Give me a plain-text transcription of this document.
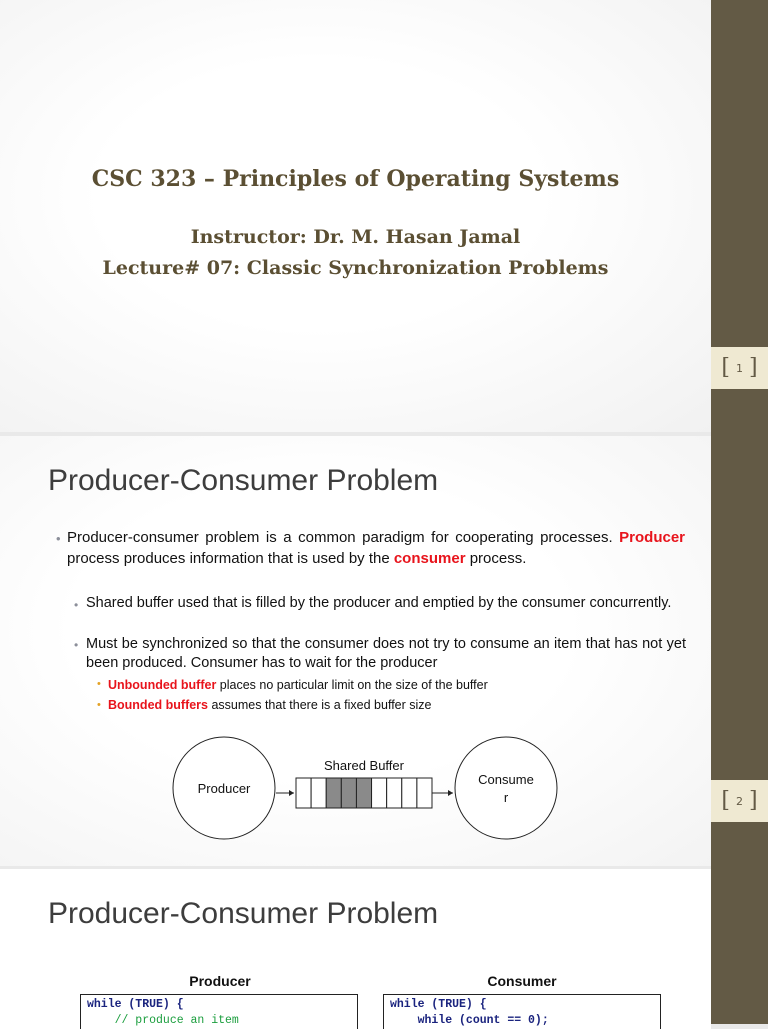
CSC 323 – Principles of Operating Systems
Instructor: Dr. M. Hasan Jamal
Lecture# 07: Classic Synchronization Problems
Producer-Consumer Problem
• Producer-consumer problem is a common paradigm for cooperating processes. Producer process produces information that is used by the consumer process.
• Shared buffer used that is filled by the producer and emptied by the consumer concurrently.
• Must be synchronized so that the consumer does not try to consume an item that has not yet been produced. Consumer has to wait for the producer
• Unbounded buffer places no particular limit on the size of the buffer
• Bounded buffers assumes that there is a fixed buffer size
Producer
Shared Buffer
Consume
r
Producer-Consumer Problem
Producer	Consumer
while (TRUE) {
// produce an item
while (TRUE) {
while (count == 0);
[ 1 ]
[ 2 ]
